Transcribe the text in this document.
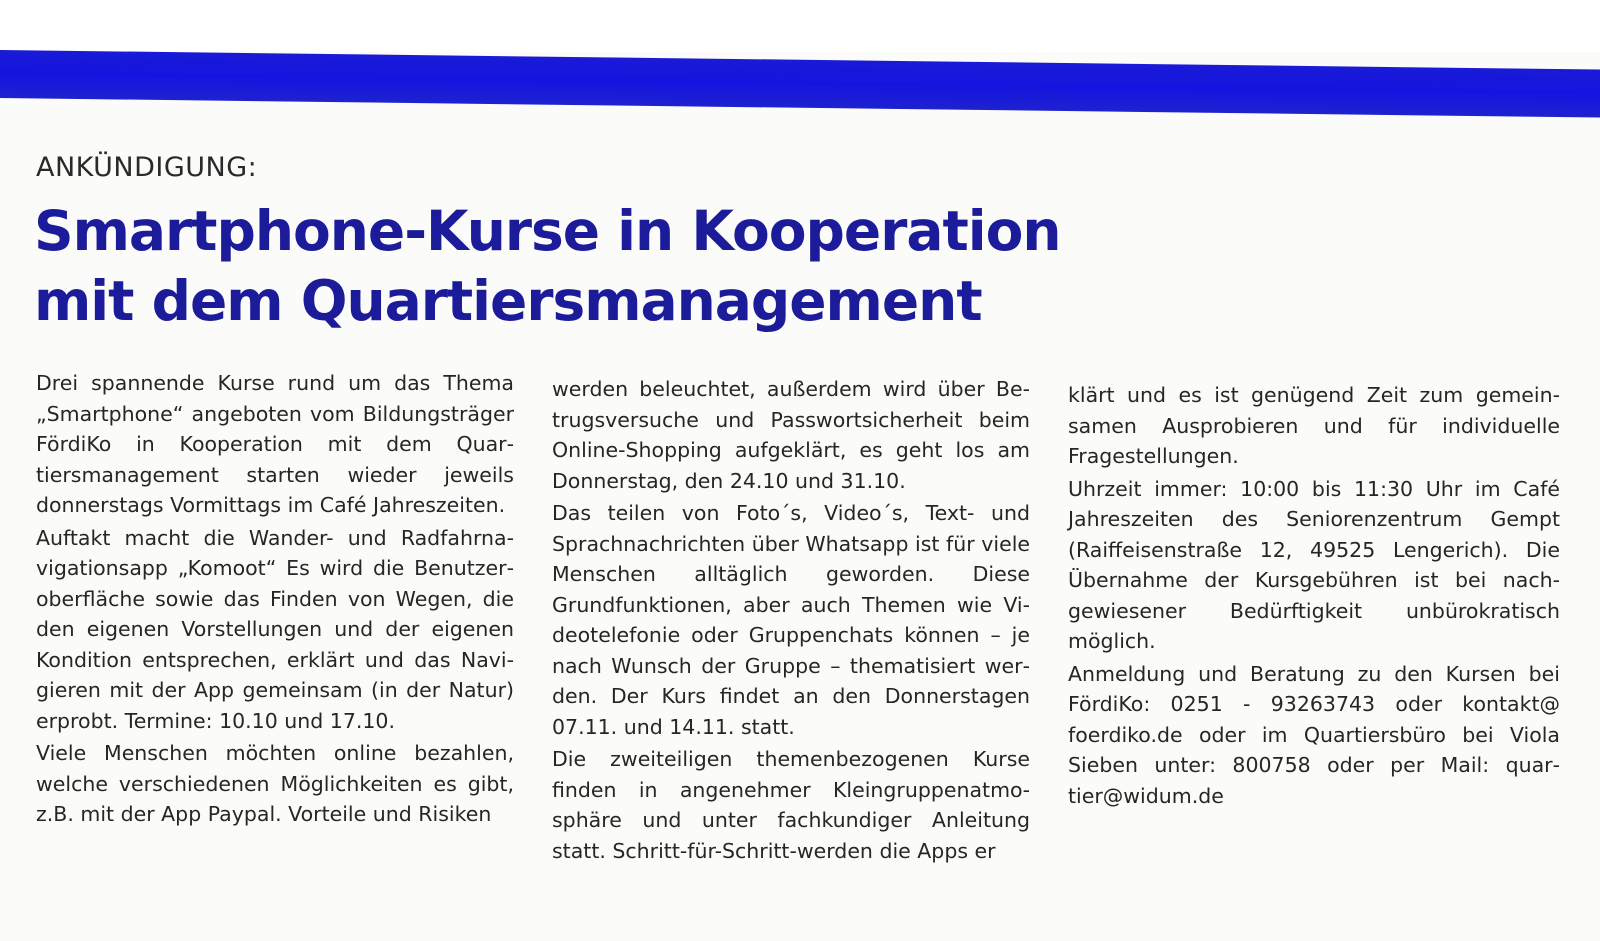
ANKÜNDIGUNG:
Smartphone-Kurse in Kooperation
mit dem Quartiersmanagement

Drei spannende Kurse rund um das Thema „Smartphone“ angeboten vom Bildungsträger FördiKo in Kooperation mit dem Quartiersmanagement starten wieder jeweils donnerstags Vormittags im Café Jahreszeiten.

Auftakt macht die Wander- und Radfahrnavigationsapp „Komoot“ Es wird die Benutzeroberfläche sowie das Finden von Wegen, die den eigenen Vorstellungen und der eigenen Kondition entsprechen, erklärt und das Navigieren mit der App gemeinsam (in der Natur) erprobt. Termine: 10.10 und 17.10.

Viele Menschen möchten online bezahlen, welche verschiedenen Möglichkeiten es gibt, z.B. mit der App Paypal. Vorteile und Risiken

werden beleuchtet, außerdem wird über Betrugsversuche und Passwortsicherheit beim Online-Shopping aufgeklärt, es geht los am Donnerstag, den 24.10 und 31.10.

Das teilen von Foto´s, Video´s, Text- und Sprachnachrichten über Whatsapp ist für viele Menschen alltäglich geworden. Diese Grundfunktionen, aber auch Themen wie Videotelefonie oder Gruppenchats können – je nach Wunsch der Gruppe – thematisiert werden. Der Kurs findet an den Donnerstagen 07.11. und 14.11. statt.

Die zweiteiligen themenbezogenen Kurse finden in angenehmer Kleingruppenatmosphäre und unter fachkundiger Anleitung statt. Schritt-für-Schritt-werden die Apps er

klärt und es ist genügend Zeit zum gemeinsamen Ausprobieren und für individuelle Fragestellungen.

Uhrzeit immer: 10:00 bis 11:30 Uhr im Café Jahreszeiten des Seniorenzentrum Gempt (Raiffeisenstraße 12, 49525 Lengerich). Die Übernahme der Kursgebühren ist bei nachgewiesener Bedürftigkeit unbürokratisch möglich.

Anmeldung und Beratung zu den Kursen bei FördiKo: 0251 - 93263743 oder kontakt@ foerdiko.de oder im Quartiersbüro bei Viola Sieben unter: 800758 oder per Mail: quartier@widum.de
